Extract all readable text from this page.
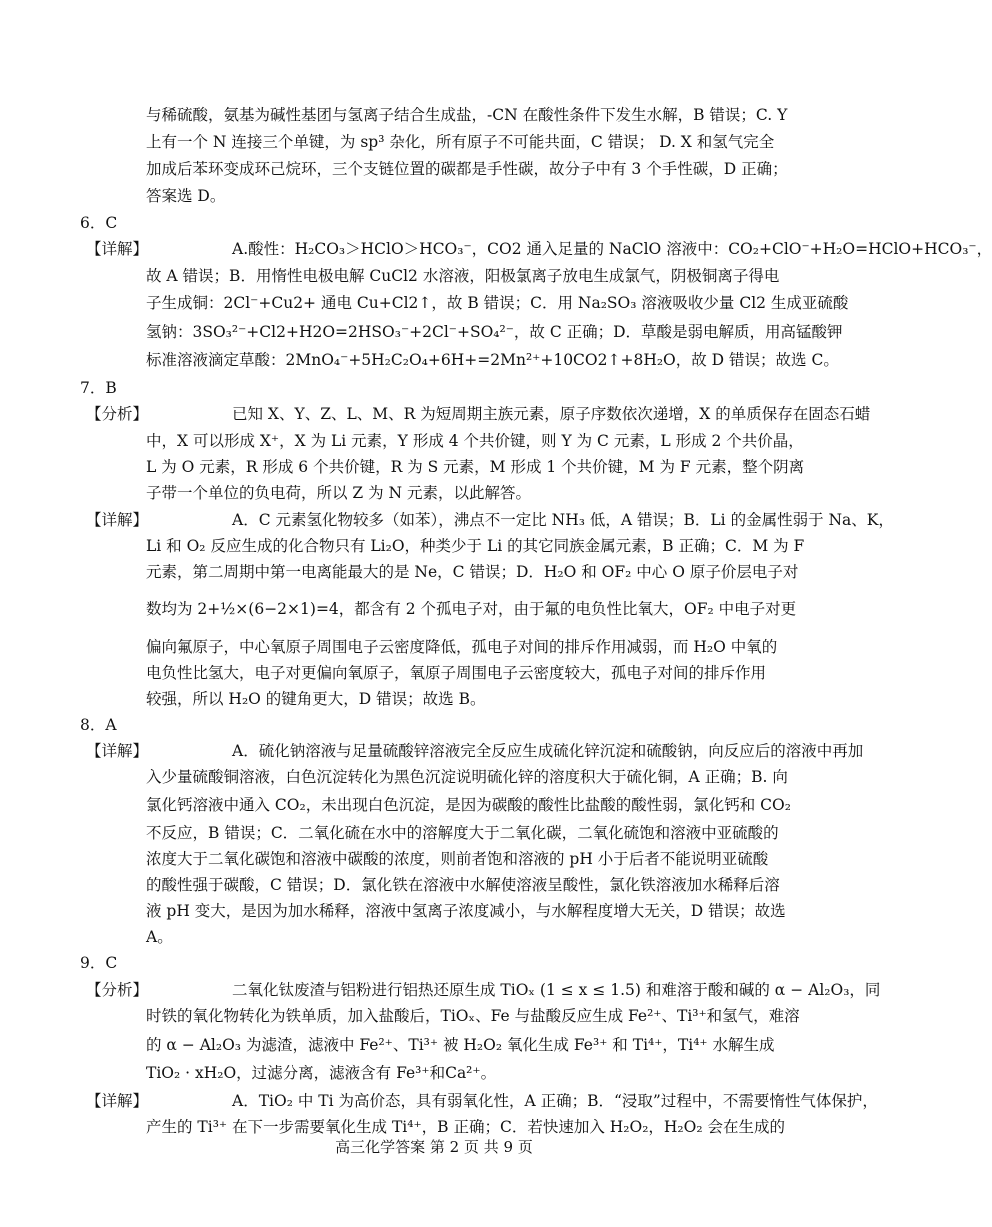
与稀硫酸，氨基为碱性基团与氢离子结合生成盐，-CN 在酸性条件下发生水解，B 错误；C. Y
上有一个 N 连接三个单键，为 sp³ 杂化，所有原子不可能共面，C 错误； D. X 和氢气完全
加成后苯环变成环己烷环，三个支链位置的碳都是手性碳，故分子中有 3 个手性碳，D 正确；
答案选 D。
6．C
【详解】	A.酸性：H₂CO₃＞HClO＞HCO₃⁻，CO2 通入足量的 NaClO 溶液中：CO₂+ClO⁻+H₂O=HClO+HCO₃⁻，
故 A 错误；B．用惰性电极电解 CuCl2 水溶液，阳极氯离子放电生成氯气，阴极铜离子得电
子生成铜：2Cl⁻+Cu2+ 通电 Cu+Cl2↑，故 B 错误；C．用 Na₂SO₃ 溶液吸收少量 Cl2 生成亚硫酸
氢钠：3SO₃²⁻+Cl2+H2O=2HSO₃⁻+2Cl⁻+SO₄²⁻，故 C 正确；D．草酸是弱电解质，用高锰酸钾
标准溶液滴定草酸：2MnO₄⁻+5H₂C₂O₄+6H+=2Mn²⁺+10CO2↑+8H₂O，故 D 错误；故选 C。
7．B
【分析】	已知 X、Y、Z、L、M、R 为短周期主族元素，原子序数依次递增，X 的单质保存在固态石蜡
中，X 可以形成 X⁺，X 为 Li 元素，Y 形成 4 个共价键，则 Y 为 C 元素，L 形成 2 个共价晶，
L 为 O 元素，R 形成 6 个共价键，R 为 S 元素，M 形成 1 个共价键，M 为 F 元素，整个阴离
子带一个单位的负电荷，所以 Z 为 N 元素，以此解答。
【详解】	A．C 元素氢化物较多（如苯），沸点不一定比 NH₃ 低，A 错误；B．Li 的金属性弱于 Na、K，
Li 和 O₂ 反应生成的化合物只有 Li₂O，种类少于 Li 的其它同族金属元素，B 正确；C．M 为 F
元素，第二周期中第一电离能最大的是 Ne，C 错误；D．H₂O 和 OF₂ 中心 O 原子价层电子对
数均为 2+½×(6−2×1)=4，都含有 2 个孤电子对，由于氟的电负性比氧大，OF₂ 中电子对更
偏向氟原子，中心氧原子周围电子云密度降低，孤电子对间的排斥作用减弱，而 H₂O 中氧的
电负性比氢大，电子对更偏向氧原子，氧原子周围电子云密度较大，孤电子对间的排斥作用
较强，所以 H₂O 的键角更大，D 错误；故选 B。
8．A
【详解】	A．硫化钠溶液与足量硫酸锌溶液完全反应生成硫化锌沉淀和硫酸钠，向反应后的溶液中再加
入少量硫酸铜溶液，白色沉淀转化为黑色沉淀说明硫化锌的溶度积大于硫化铜，A 正确；B. 向
氯化钙溶液中通入 CO₂，未出现白色沉淀，是因为碳酸的酸性比盐酸的酸性弱，氯化钙和 CO₂
不反应，B 错误；C．二氧化硫在水中的溶解度大于二氧化碳，二氧化硫饱和溶液中亚硫酸的
浓度大于二氧化碳饱和溶液中碳酸的浓度，则前者饱和溶液的 pH 小于后者不能说明亚硫酸
的酸性强于碳酸，C 错误；D．氯化铁在溶液中水解使溶液呈酸性，氯化铁溶液加水稀释后溶
液 pH 变大，是因为加水稀释，溶液中氢离子浓度减小，与水解程度增大无关，D 错误；故选
A。
9．C
【分析】	二氧化钛废渣与铝粉进行铝热还原生成 TiOₓ (1 ≤ x ≤ 1.5) 和难溶于酸和碱的 α − Al₂O₃，同
时铁的氧化物转化为铁单质，加入盐酸后，TiOₓ、Fe 与盐酸反应生成 Fe²⁺、Ti³⁺和氢气，难溶
的 α − Al₂O₃ 为滤渣，滤液中 Fe²⁺、Ti³⁺ 被 H₂O₂ 氧化生成 Fe³⁺ 和 Ti⁴⁺，Ti⁴⁺ 水解生成
TiO₂ · xH₂O，过滤分离，滤液含有 Fe³⁺和Ca²⁺。
【详解】	A．TiO₂ 中 Ti 为高价态，具有弱氧化性，A 正确；B．“浸取”过程中，不需要惰性气体保护，
产生的 Ti³⁺ 在下一步需要氧化生成 Ti⁴⁺，B 正确；C．若快速加入 H₂O₂，H₂O₂ 会在生成的
高三化学答案 第 2 页 共 9 页
